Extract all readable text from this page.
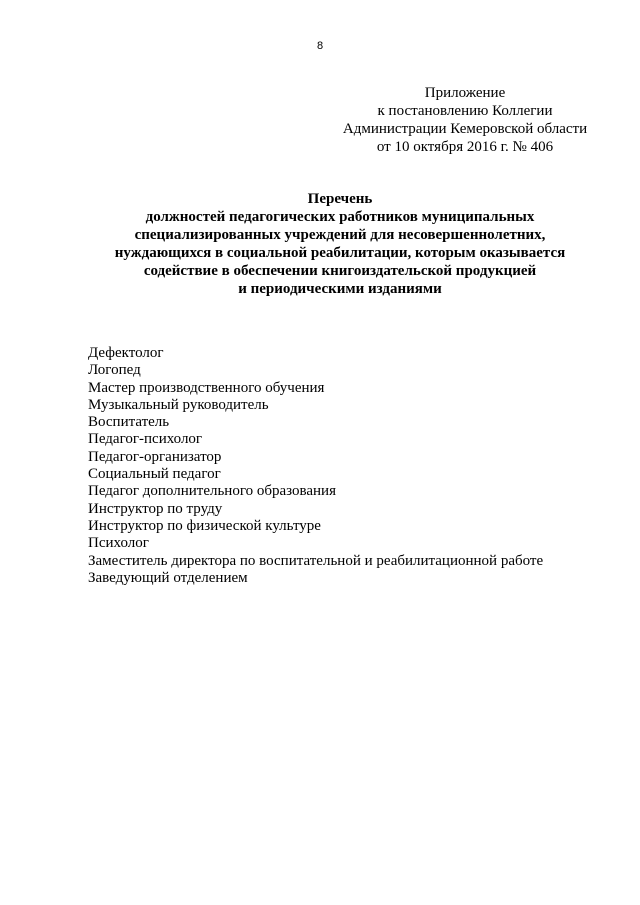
8
Приложение
к постановлению Коллегии
Администрации Кемеровской области
от 10 октября 2016 г. № 406
Перечень
должностей педагогических работников муниципальных
специализированных учреждений для несовершеннолетних,
нуждающихся в социальной реабилитации, которым оказывается
содействие в обеспечении книгоиздательской продукцией
и периодическими изданиями
Дефектолог
Логопед
Мастер производственного обучения
Музыкальный руководитель
Воспитатель
Педагог-психолог
Педагог-организатор
Социальный педагог
Педагог дополнительного образования
Инструктор по труду
Инструктор по физической культуре
Психолог
Заместитель директора по воспитательной и реабилитационной работе
Заведующий отделением
